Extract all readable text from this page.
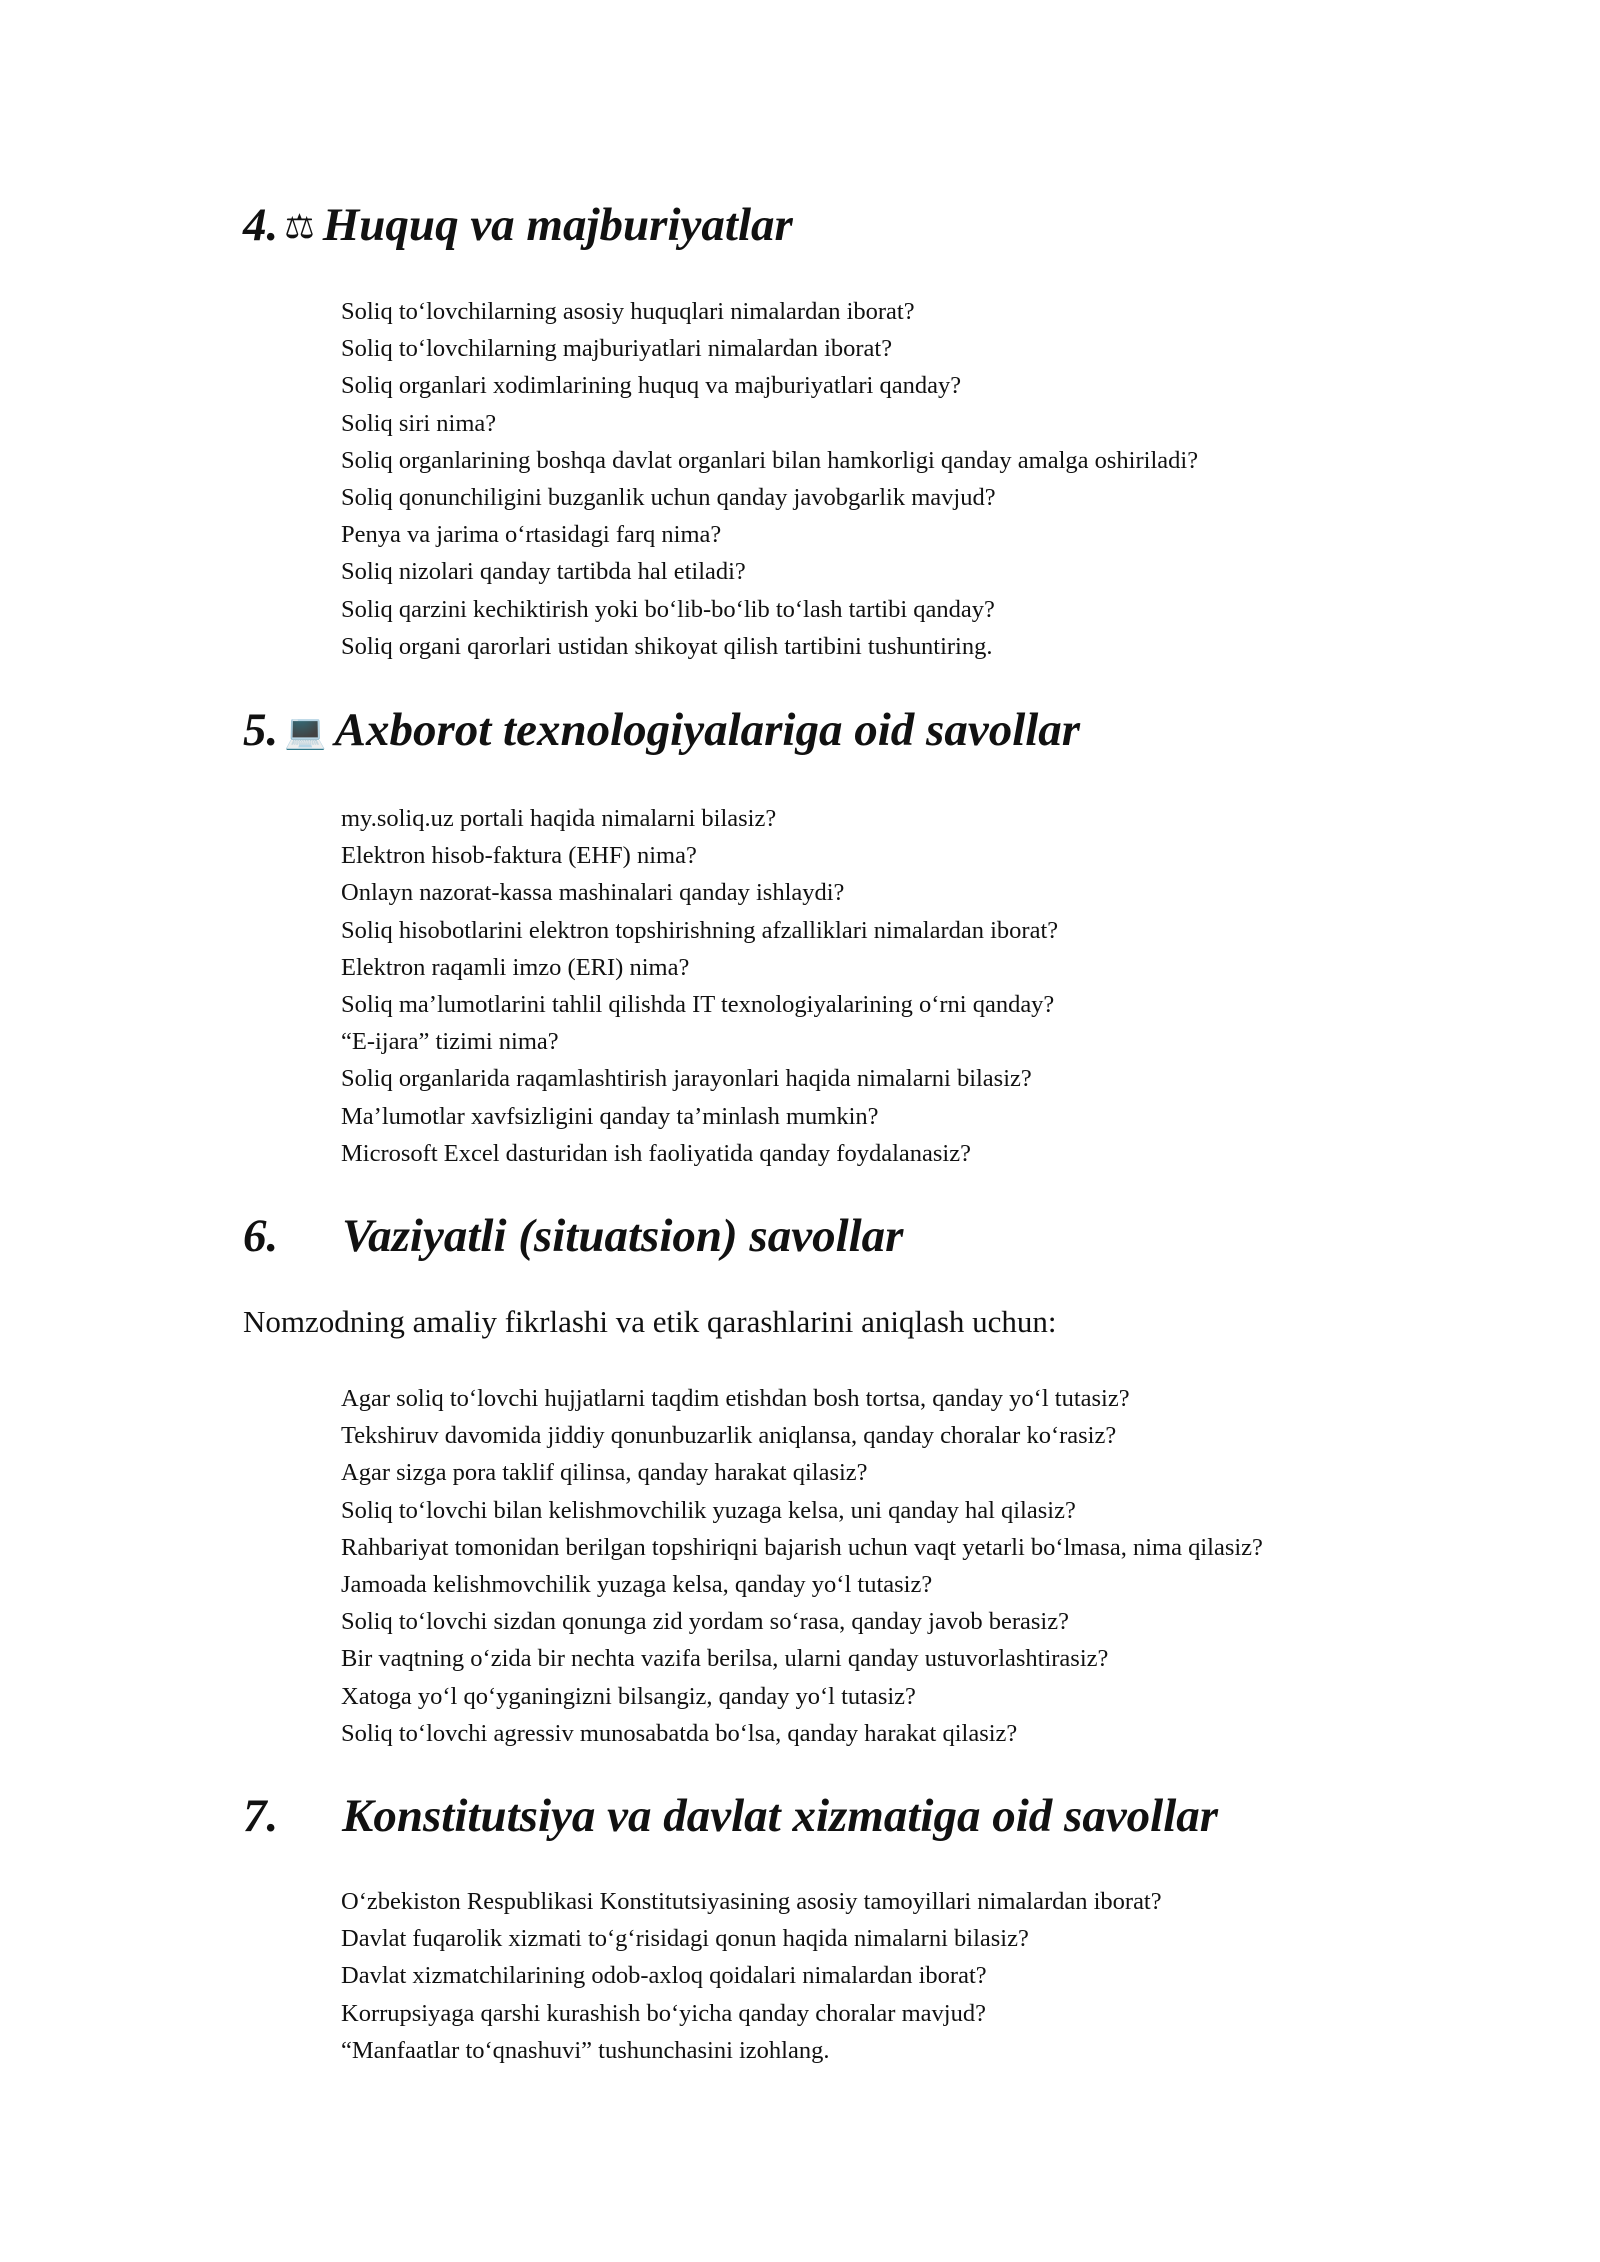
4. ⚖ Huquq va majburiyatlar
Soliq to‘lovchilarning asosiy huquqlari nimalardan iborat?
Soliq to‘lovchilarning majburiyatlari nimalardan iborat?
Soliq organlari xodimlarining huquq va majburiyatlari qanday?
Soliq siri nima?
Soliq organlarining boshqa davlat organlari bilan hamkorligi qanday amalga oshiriladi?
Soliq qonunchiligini buzganlik uchun qanday javobgarlik mavjud?
Penya va jarima o‘rtasidagi farq nima?
Soliq nizolari qanday tartibda hal etiladi?
Soliq qarzini kechiktirish yoki bo‘lib-bo‘lib to‘lash tartibi qanday?
Soliq organi qarorlari ustidan shikoyat qilish tartibini tushuntiring.
5. 💻 Axborot texnologiyalariga oid savollar
my.soliq.uz portali haqida nimalarni bilasiz?
Elektron hisob-faktura (EHF) nima?
Onlayn nazorat-kassa mashinalari qanday ishlaydi?
Soliq hisobotlarini elektron topshirishning afzalliklari nimalardan iborat?
Elektron raqamli imzo (ERI) nima?
Soliq ma’lumotlarini tahlil qilishda IT texnologiyalarining o‘rni qanday?
“E-ijara” tizimi nima?
Soliq organlarida raqamlashtirish jarayonlari haqida nimalarni bilasiz?
Ma’lumotlar xavfsizligini qanday ta’minlash mumkin?
Microsoft Excel dasturidan ish faoliyatida qanday foydalanasiz?
6. Vaziyatli (situatsion) savollar

Nomzodning amaliy fikrlashi va etik qarashlarini aniqlash uchun:

Agar soliq to‘lovchi hujjatlarni taqdim etishdan bosh tortsa, qanday yo‘l tutasiz?
Tekshiruv davomida jiddiy qonunbuzarlik aniqlansa, qanday choralar ko‘rasiz?
Agar sizga pora taklif qilinsa, qanday harakat qilasiz?
Soliq to‘lovchi bilan kelishmovchilik yuzaga kelsa, uni qanday hal qilasiz?
Rahbariyat tomonidan berilgan topshiriqni bajarish uchun vaqt yetarli bo‘lmasa, nima qilasiz?
Jamoada kelishmovchilik yuzaga kelsa, qanday yo‘l tutasiz?
Soliq to‘lovchi sizdan qonunga zid yordam so‘rasa, qanday javob berasiz?
Bir vaqtning o‘zida bir nechta vazifa berilsa, ularni qanday ustuvorlashtirasiz?
Xatoga yo‘l qo‘yganingizni bilsangiz, qanday yo‘l tutasiz?
Soliq to‘lovchi agressiv munosabatda bo‘lsa, qanday harakat qilasiz?
7. Konstitutsiya va davlat xizmatiga oid savollar
O‘zbekiston Respublikasi Konstitutsiyasining asosiy tamoyillari nimalardan iborat?
Davlat fuqarolik xizmati to‘g‘risidagi qonun haqida nimalarni bilasiz?
Davlat xizmatchilarining odob-axloq qoidalari nimalardan iborat?
Korrupsiyaga qarshi kurashish bo‘yicha qanday choralar mavjud?
“Manfaatlar to‘qnashuvi” tushunchasini izohlang.
